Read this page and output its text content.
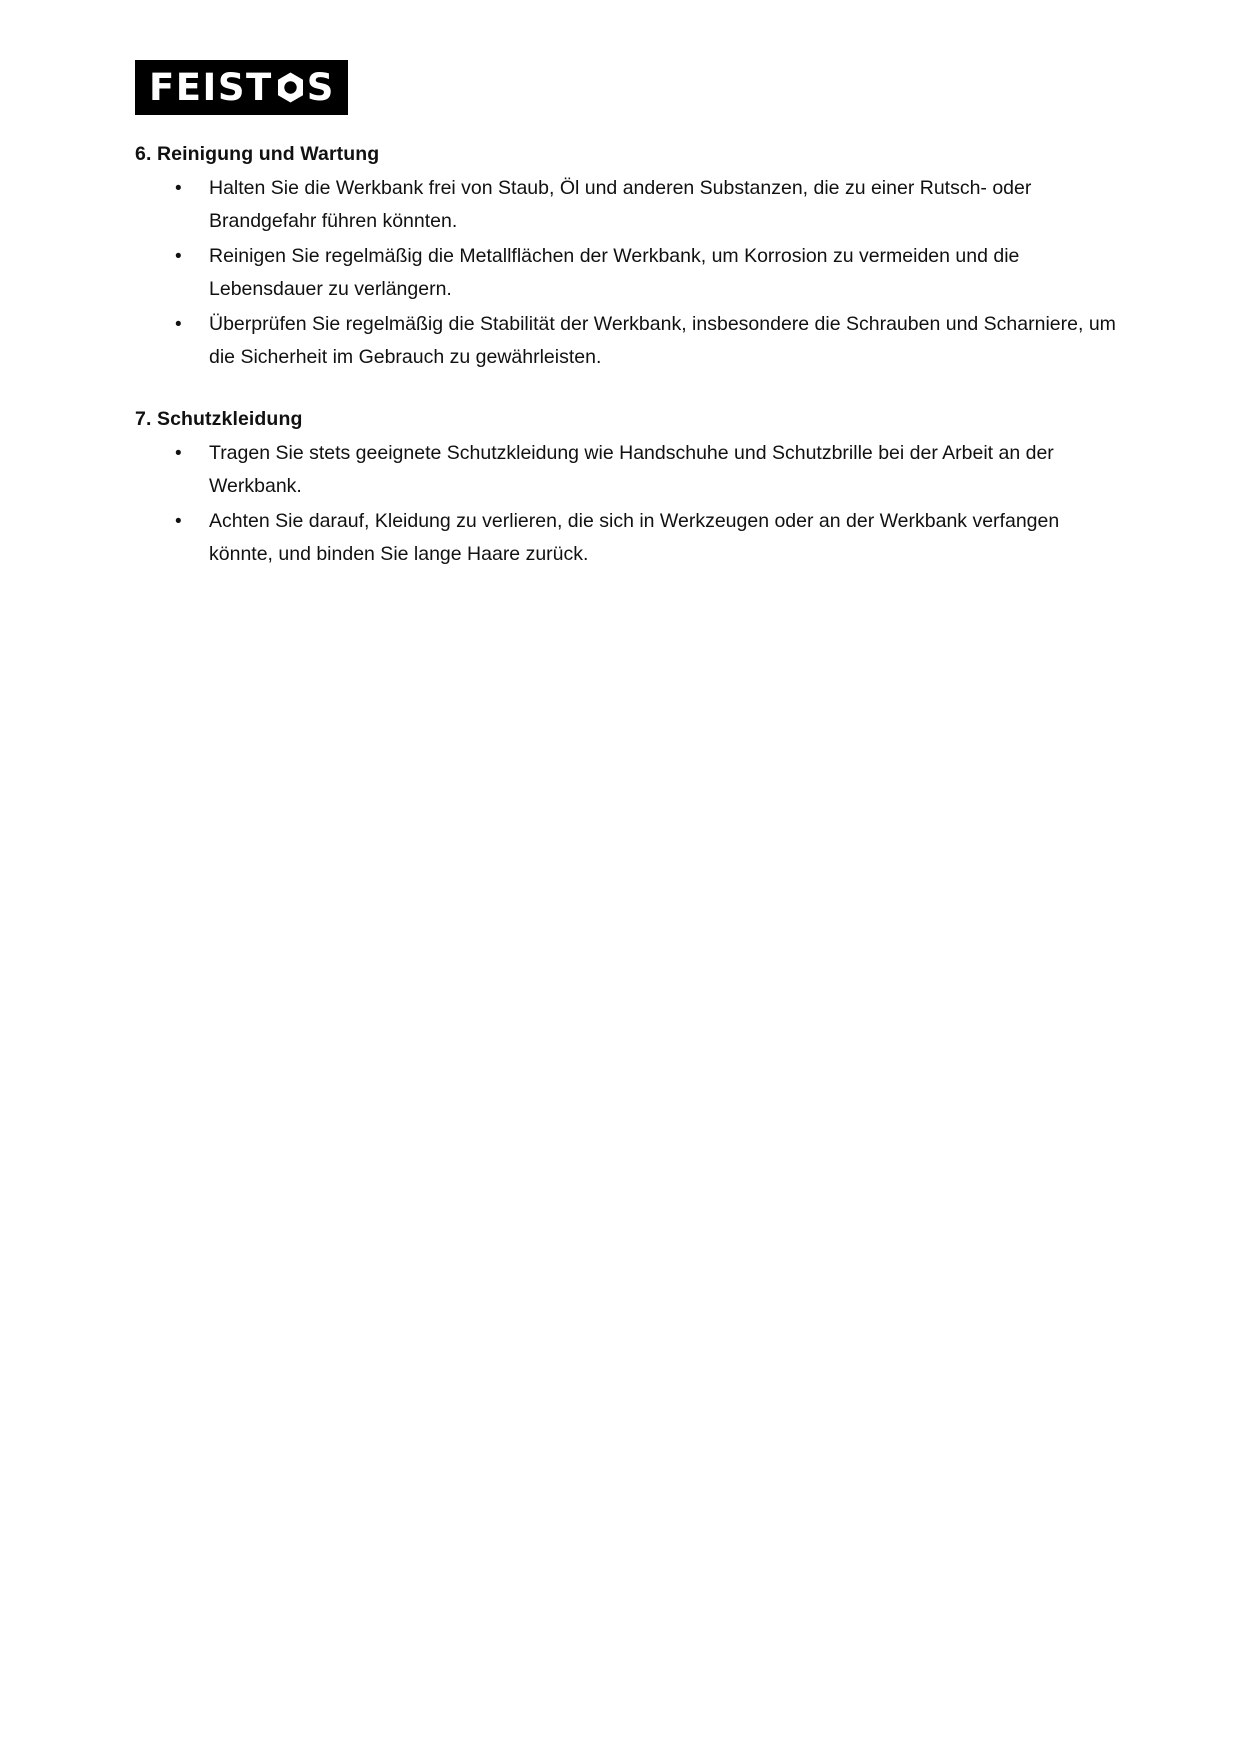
FEIST S
6. Reinigung und Wartung
• Halten Sie die Werkbank frei von Staub, Öl und anderen Substanzen, die zu einer Rutsch- oder Brandgefahr führen könnten.
• Reinigen Sie regelmäßig die Metallflächen der Werkbank, um Korrosion zu vermeiden und die Lebensdauer zu verlängern.
• Überprüfen Sie regelmäßig die Stabilität der Werkbank, insbesondere die Schrauben und Scharniere, um die Sicherheit im Gebrauch zu gewährleisten.
7. Schutzkleidung
• Tragen Sie stets geeignete Schutzkleidung wie Handschuhe und Schutzbrille bei der Arbeit an der Werkbank.
• Achten Sie darauf, Kleidung zu verlieren, die sich in Werkzeugen oder an der Werkbank verfangen könnte, und binden Sie lange Haare zurück.
